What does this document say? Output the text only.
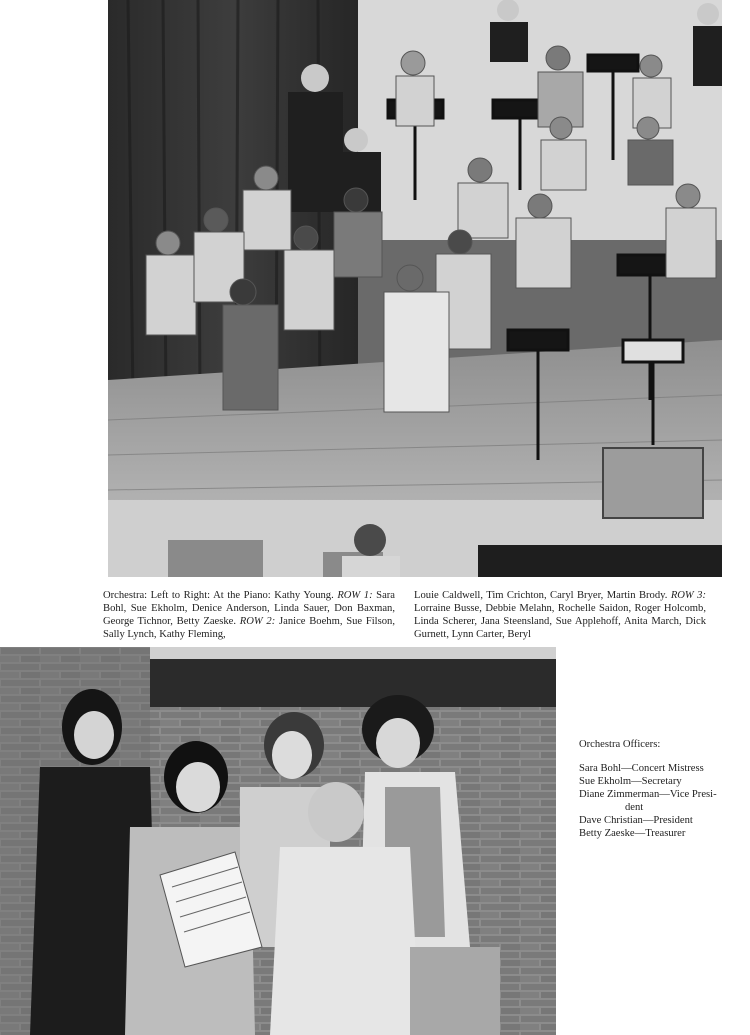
Orchestra: Left to Right: At the Piano: Kathy Young. ROW 1: Sara Bohl, Sue Ekholm, Denice Anderson, Linda Sauer, Don Baxman, George Tichnor, Betty Zaeske. ROW 2: Janice Boehm, Sue Filson, Sally Lynch, Kathy Fleming,
Louie Caldwell, Tim Crichton, Caryl Bryer, Martin Brody. ROW 3: Lorraine Busse, Debbie Melahn, Rochelle Saidon, Roger Holcomb, Linda Scherer, Jana Steensland, Sue Applehoff, Anita March, Dick Gurnett, Lynn Carter, Beryl
Orchestra Officers:
Sara Bohl—Concert Mistress
Sue Ekholm—Secretary
Diane Zimmerman—Vice Presi-
dent
Dave Christian—President
Betty Zaeske—Treasurer
